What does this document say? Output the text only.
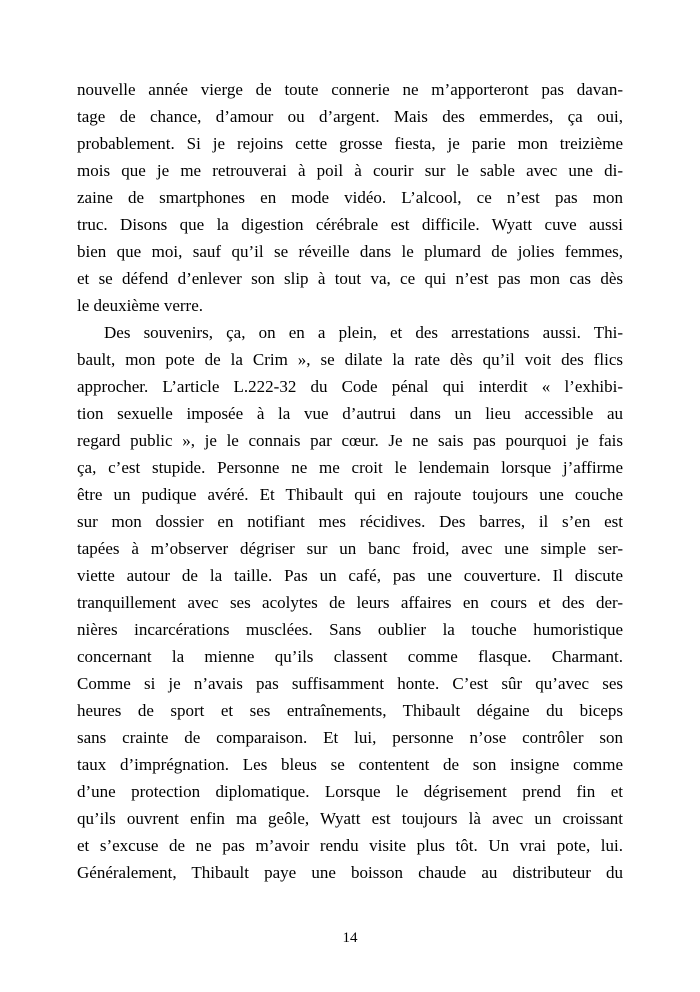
nouvelle année vierge de toute connerie ne m’apporteront pas davan-
tage de chance, d’amour ou d’argent. Mais des emmerdes, ça oui,
probablement. Si je rejoins cette grosse fiesta, je parie mon treizième
mois que je me retrouverai à poil à courir sur le sable avec une di-
zaine de smartphones en mode vidéo. L’alcool, ce n’est pas mon
truc. Disons que la digestion cérébrale est difficile. Wyatt cuve aussi
bien que moi, sauf qu’il se réveille dans le plumard de jolies femmes,
et se défend d’enlever son slip à tout va, ce qui n’est pas mon cas dès
le deuxième verre.
Des souvenirs, ça, on en a plein, et des arrestations aussi. Thi-
bault, mon pote de la Crim », se dilate la rate dès qu’il voit des flics
approcher. L’article L.222-32 du Code pénal qui interdit « l’exhibi-
tion sexuelle imposée à la vue d’autrui dans un lieu accessible au
regard public », je le connais par cœur. Je ne sais pas pourquoi je fais
ça, c’est stupide. Personne ne me croit le lendemain lorsque j’affirme
être un pudique avéré. Et Thibault qui en rajoute toujours une couche
sur mon dossier en notifiant mes récidives. Des barres, il s’en est
tapées à m’observer dégriser sur un banc froid, avec une simple ser-
viette autour de la taille. Pas un café, pas une couverture. Il discute
tranquillement avec ses acolytes de leurs affaires en cours et des der-
nières incarcérations musclées. Sans oublier la touche humoristique
concernant la mienne qu’ils classent comme flasque. Charmant.
Comme si je n’avais pas suffisamment honte. C’est sûr qu’avec ses
heures de sport et ses entraînements, Thibault dégaine du biceps
sans crainte de comparaison. Et lui, personne n’ose contrôler son
taux d’imprégnation. Les bleus se contentent de son insigne comme
d’une protection diplomatique. Lorsque le dégrisement prend fin et
qu’ils ouvrent enfin ma geôle, Wyatt est toujours là avec un croissant
et s’excuse de ne pas m’avoir rendu visite plus tôt. Un vrai pote, lui.
Généralement, Thibault paye une boisson chaude au distributeur du
14
